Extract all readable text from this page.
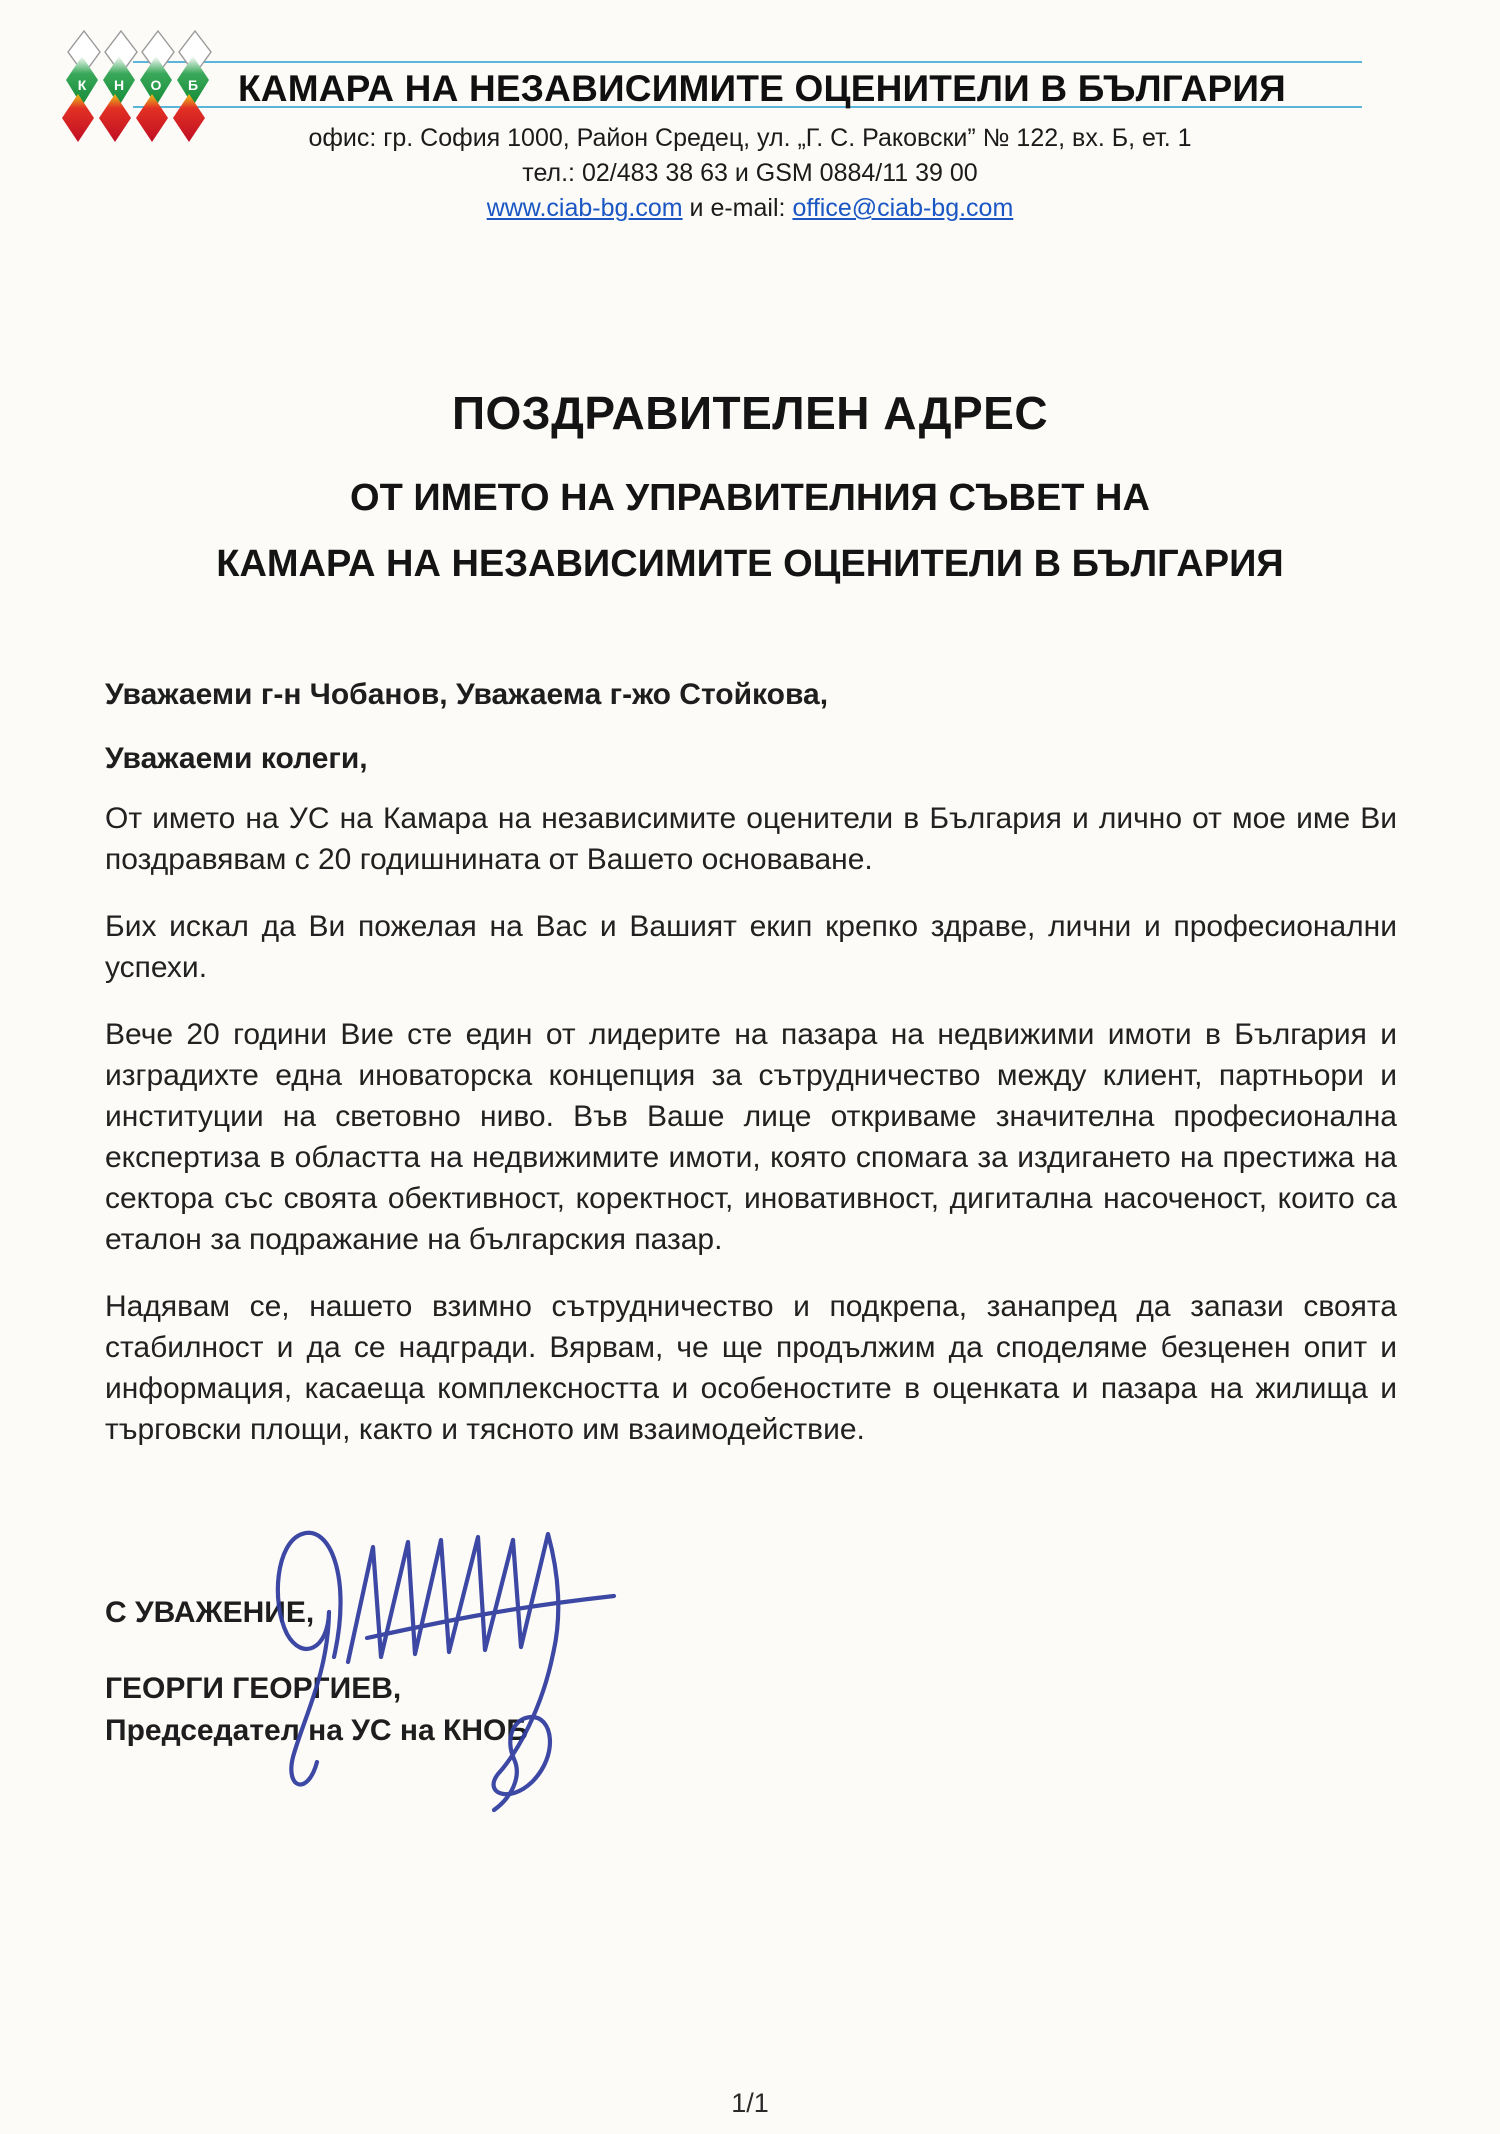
К Н О Б КАМАРА НА НЕЗАВИСИМИТЕ ОЦЕНИТЕЛИ В БЪЛГАРИЯ
офис: гр. София 1000, Район Средец, ул. „Г. С. Раковски” № 122, вх. Б, ет. 1
тел.: 02/483 38 63 и GSM 0884/11 39 00
www.ciab-bg.com и e-mail: office@ciab-bg.com
ПОЗДРАВИТЕЛЕН АДРЕС
ОТ ИМЕТО НА УПРАВИТЕЛНИЯ СЪВЕТ НА
КАМАРА НА НЕЗАВИСИМИТЕ ОЦЕНИТЕЛИ В БЪЛГАРИЯ
Уважаеми г-н Чобанов, Уважаема г-жо Стойкова,
Уважаеми колеги,

От името на УС на Камара на независимите оценители в България и лично от мое име Ви поздравявам с 20 годишнината от Вашето основаване.

Бих искал да Ви пожелая на Вас и Вашият екип крепко здраве, лични и професионални успехи.

Вече 20 години Вие сте един от лидерите на пазара на недвижими имоти в България и изградихте една иноваторска концепция за сътрудничество между клиент, партньори и институции на световно ниво. Във Ваше лице откриваме значителна професионална експертиза в областта на недвижимите имоти, която спомага за издигането на престижа на сектора със своята обективност, коректност, иновативност, дигитална насоченост, които са еталон за подражание на българския пазар.

Надявам се, нашето взимно сътрудничество и подкрепа, занапред да запази своята стабилност и да се надгради. Вярвам, че ще продължим да споделяме безценен опит и информация, касаеща комплексността и особеностите в оценката и пазара на жилища и търговски площи, както и тясното им взаимодействие.

С УВАЖЕНИЕ,
ГЕОРГИ ГЕОРГИЕВ,
Председател на УС на КНОБ
1/1
